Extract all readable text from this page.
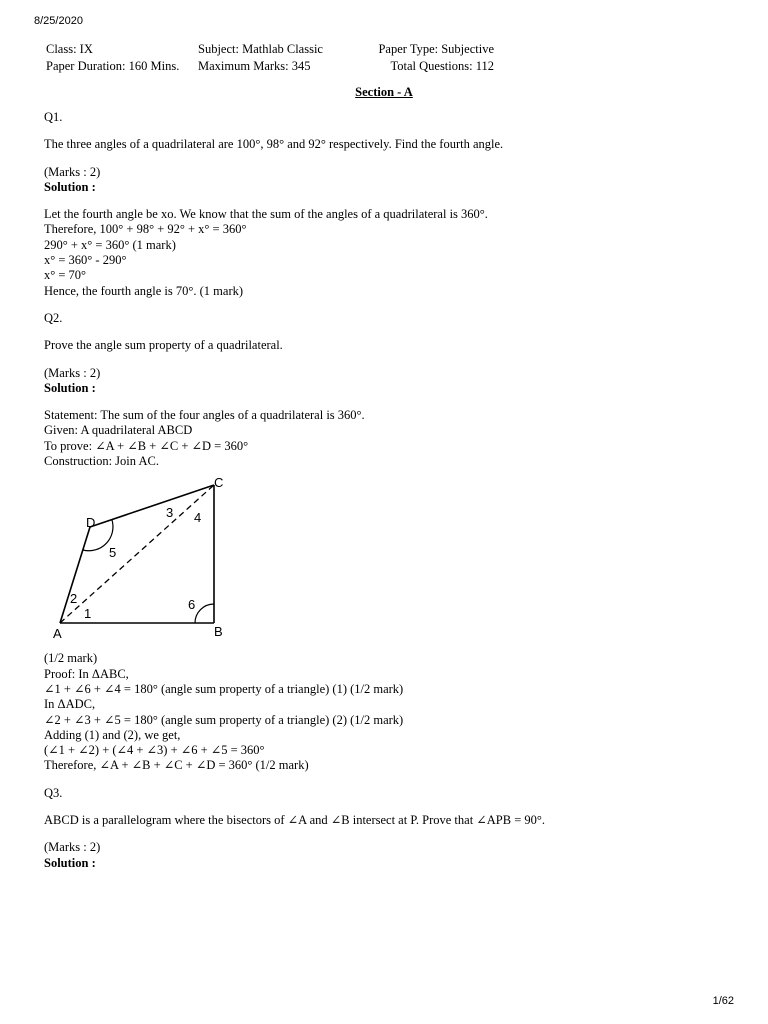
8/25/2020
Class: IX	Subject: Mathlab Classic	Paper Type: Subjective
Paper Duration: 160 Mins.	Maximum Marks: 345	Total Questions: 112
Section - A

Q1.

The three angles of a quadrilateral are 100°, 98° and 92° respectively. Find the fourth angle.

(Marks : 2)

Solution :

Let the fourth angle be xo. We know that the sum of the angles of a quadrilateral is 360°.

Therefore, 100° + 98° + 92° + x° = 360°

290° + x° = 360° (1 mark)

x° = 360° - 290°

x° = 70°

Hence, the fourth angle is 70°. (1 mark)

Q2.

Prove the angle sum property of a quadrilateral.

(Marks : 2)

Solution :

Statement: The sum of the four angles of a quadrilateral is 360°.

Given: A quadrilateral ABCD

To prove: ∠A + ∠B + ∠C + ∠D = 360°

Construction: Join AC.

A	B
C
D
1
2
3 4
5
6

(1/2 mark)

Proof: In ΔABC,

∠1 + ∠6 + ∠4 = 180° (angle sum property of a triangle) (1) (1/2 mark)

In ΔADC,

∠2 + ∠3 + ∠5 = 180° (angle sum property of a triangle) (2) (1/2 mark)

Adding (1) and (2), we get,

(∠1 + ∠2) + (∠4 + ∠3) + ∠6 + ∠5 = 360°

Therefore, ∠A + ∠B + ∠C + ∠D = 360° (1/2 mark)

Q3.

ABCD is a parallelogram where the bisectors of ∠A and ∠B intersect at P. Prove that ∠APB = 90°.

(Marks : 2)

Solution :

1/62
